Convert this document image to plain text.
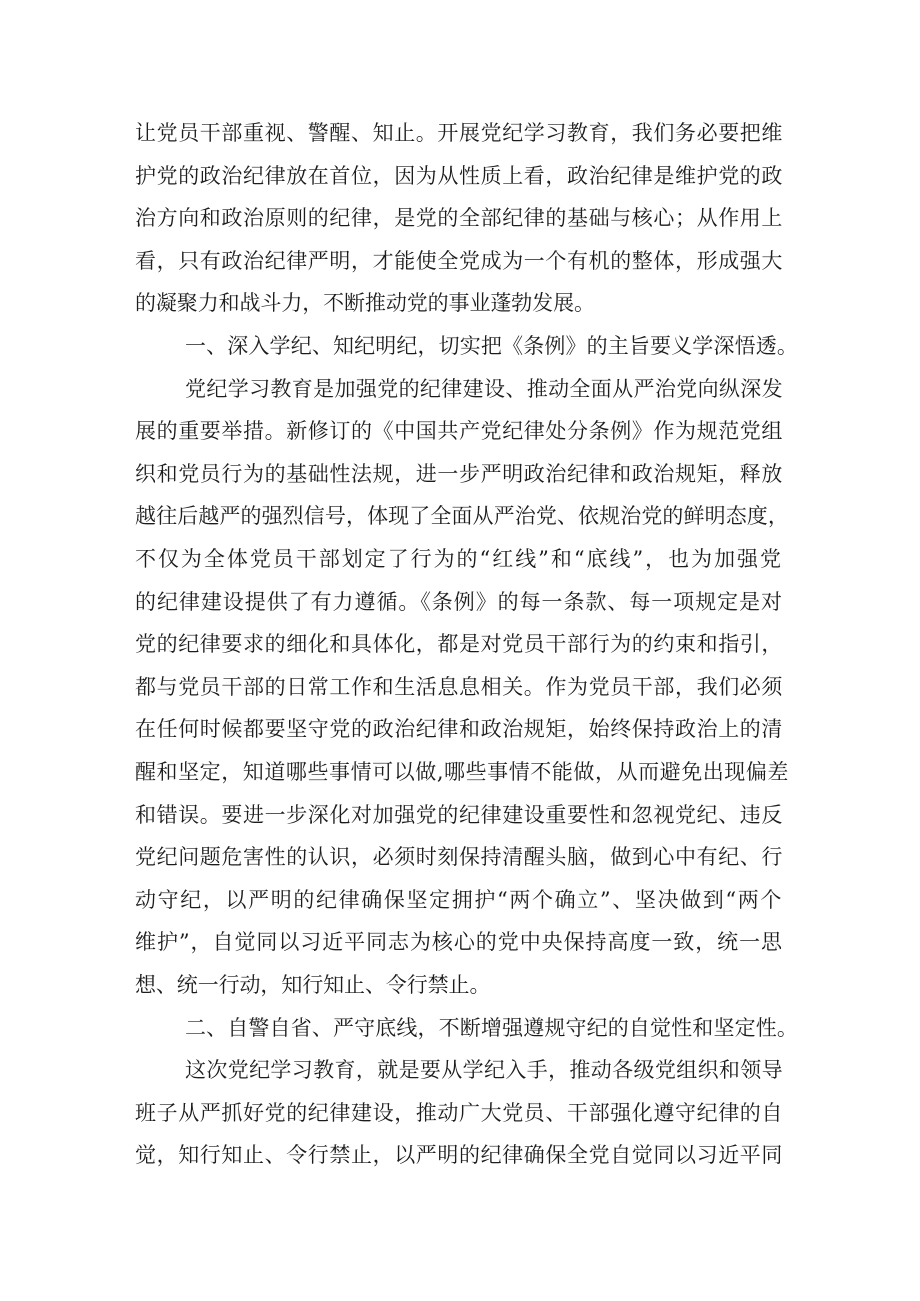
让党员干部重视、警醒、知止。开展党纪学习教育，我们务必要把维
护党的政治纪律放在首位，因为从性质上看，政治纪律是维护党的政
治方向和政治原则的纪律，是党的全部纪律的基础与核心；从作用上
看，只有政治纪律严明，才能使全党成为一个有机的整体，形成强大
的凝聚力和战斗力，不断推动党的事业蓬勃发展。
一、深入学纪、知纪明纪，切实把《条例》的主旨要义学深悟透。
党纪学习教育是加强党的纪律建设、推动全面从严治党向纵深发
展的重要举措。新修订的《中国共产党纪律处分条例》作为规范党组
织和党员行为的基础性法规，进一步严明政治纪律和政治规矩，释放
越往后越严的强烈信号，体现了全面从严治党、依规治党的鲜明态度，
不仅为全体党员干部划定了行为的“红线”和“底线”，也为加强党
的纪律建设提供了有力遵循。《条例》的每一条款、每一项规定是对
党的纪律要求的细化和具体化，都是对党员干部行为的约束和指引，
都与党员干部的日常工作和生活息息相关。作为党员干部，我们必须
在任何时候都要坚守党的政治纪律和政治规矩，始终保持政治上的清
醒和坚定，知道哪些事情可以做,哪些事情不能做，从而避免出现偏差
和错误。要进一步深化对加强党的纪律建设重要性和忽视党纪、违反
党纪问题危害性的认识，必须时刻保持清醒头脑，做到心中有纪、行
动守纪，以严明的纪律确保坚定拥护“两个确立”、坚决做到“两个
维护”，自觉同以习近平同志为核心的党中央保持高度一致，统一思
想、统一行动，知行知止、令行禁止。
二、自警自省、严守底线，不断增强遵规守纪的自觉性和坚定性。
这次党纪学习教育，就是要从学纪入手，推动各级党组织和领导
班子从严抓好党的纪律建设，推动广大党员、干部强化遵守纪律的自
觉，知行知止、令行禁止，以严明的纪律确保全党自觉同以习近平同
